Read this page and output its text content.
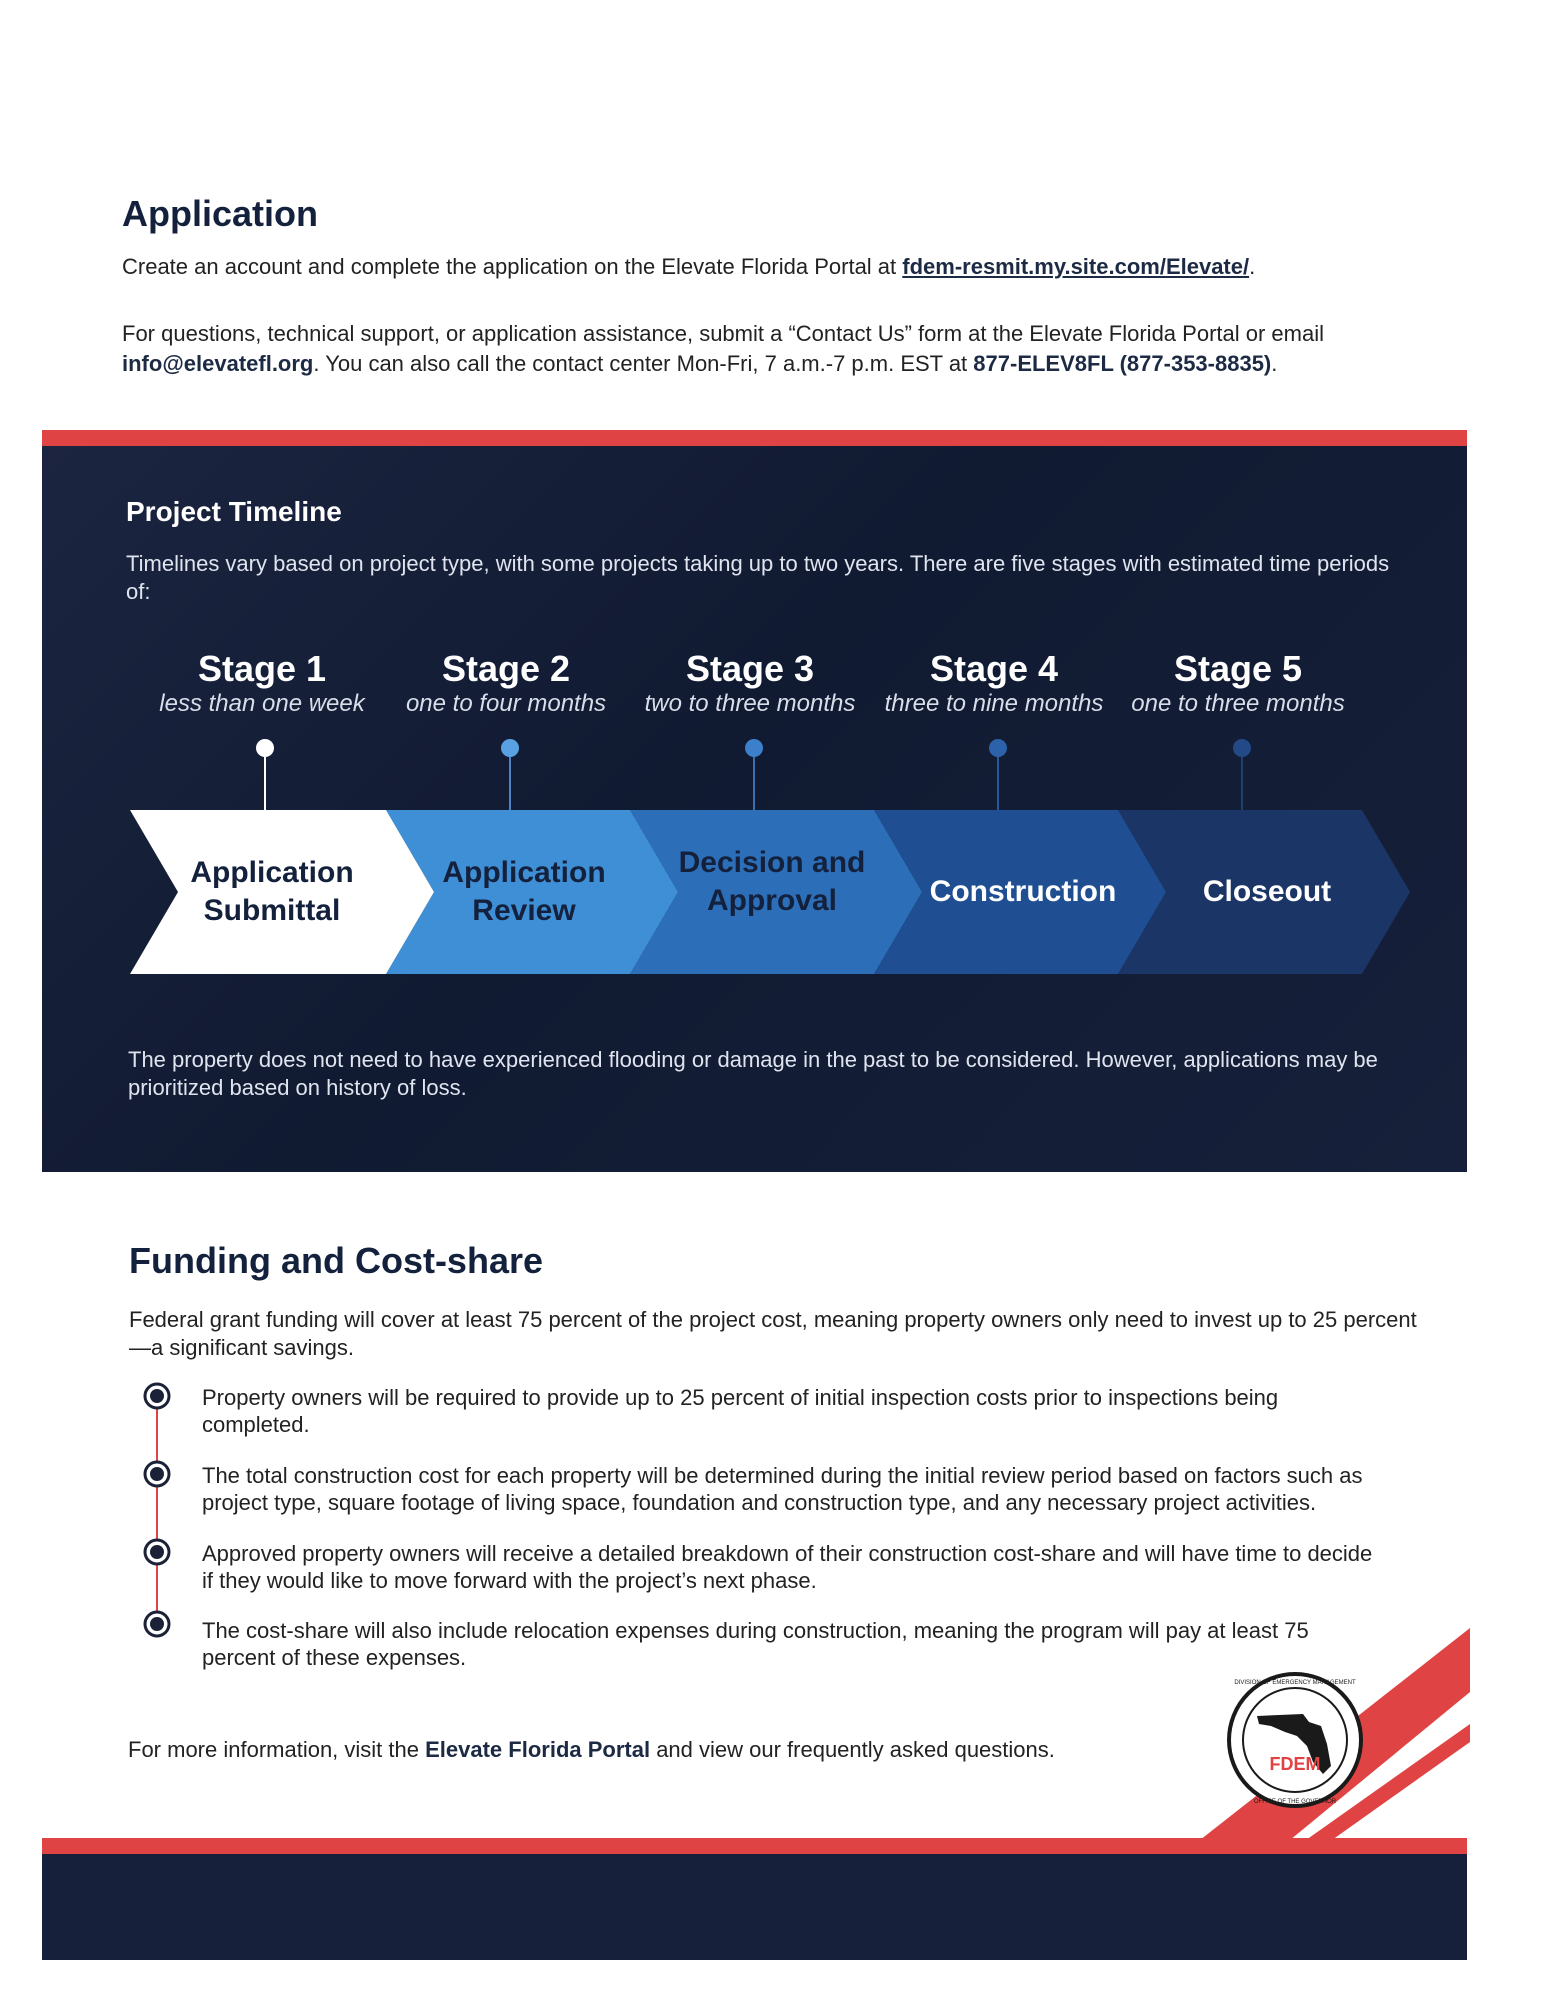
Application

Create an account and complete the application on the Elevate Florida Portal at fdem-resmit.my.site.com/Elevate/.

For questions, technical support, or application assistance, submit a “Contact Us” form at the Elevate Florida Portal or email info@elevatefl.org. You can also call the contact center Mon-Fri, 7 a.m.-7 p.m. EST at 877-ELEV8FL (877-353-8835).

Project Timeline
Timelines vary based on project type, with some projects taking up to two years. There are five stages with estimated time periods of:
Stage 1
less than one week
Stage 2
one to four months
Stage 3
two to three months
Stage 4
three to nine months
Stage 5
one to three months
Application Submittal
Application Review
Decision and Approval	Construction	Closeout
The property does not need to have experienced flooding or damage in the past to be considered. However, applications may be prioritized based on history of loss.
Funding and Cost-share

Federal grant funding will cover at least 75 percent of the project cost, meaning property owners only need to invest up to 25 percent—a significant savings.

Property owners will be required to provide up to 25 percent of initial inspection costs prior to inspections being completed.
The total construction cost for each property will be determined during the initial review period based on factors such as project type, square footage of living space, foundation and construction type, and any necessary project activities.
Approved property owners will receive a detailed breakdown of their construction cost-share and will have time to decide if they would like to move forward with the project’s next phase.
The cost-share will also include relocation expenses during construction, meaning the program will pay at least 75 percent of these expenses.

For more information, visit the Elevate Florida Portal and view our frequently asked questions.

FDEM
DIVISION OF EMERGENCY MANAGEMENT
OFFICE OF THE GOVERNOR
